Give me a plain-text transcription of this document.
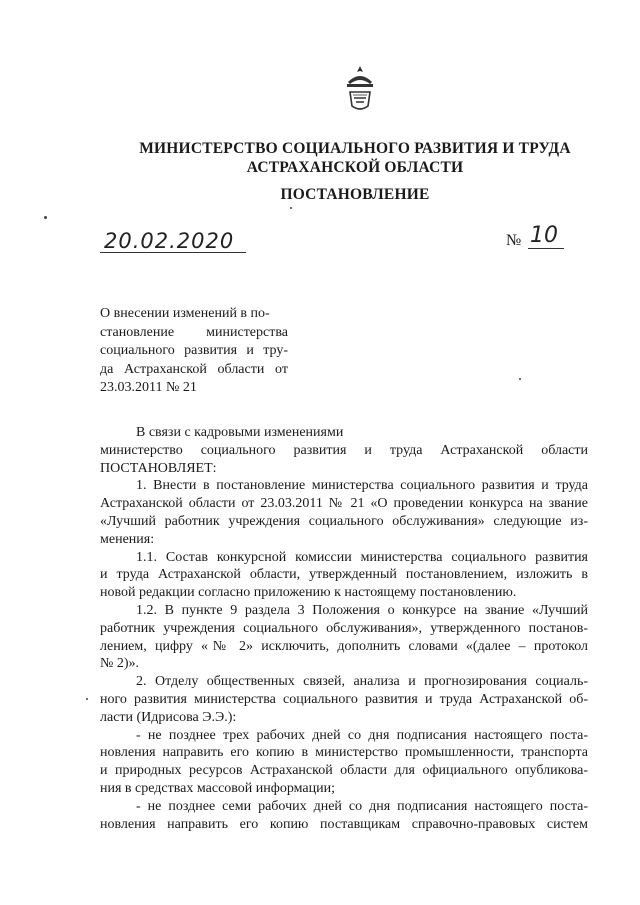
МИНИСТЕРСТВО СОЦИАЛЬНОГО РАЗВИТИЯ И ТРУДА
АСТРАХАНСКОЙ ОБЛАСТИ
ПОСТАНОВЛЕНИЕ
20.02.2020	№ 10
О внесении изменений в по-
становление министерства
социального развития и тру-
да Астраханской области от
23.03.2011 № 21
В связи с кадровыми изменениями
министерство социального развития и труда Астраханской области
ПОСТАНОВЛЯЕТ:
1. Внести в постановление министерства социального развития и труда
Астраханской области от 23.03.2011 № 21 «О проведении конкурса на звание
«Лучший работник учреждения социального обслуживания» следующие из-
менения:
1.1. Состав конкурсной комиссии министерства социального развития
и труда Астраханской области, утвержденный постановлением, изложить в
новой редакции согласно приложению к настоящему постановлению.
1.2. В пункте 9 раздела 3 Положения о конкурсе на звание «Лучший
работник учреждения социального обслуживания», утвержденного постанов-
лением, цифру «№ 2» исключить, дополнить словами «(далее – протокол
№ 2)».
2. Отделу общественных связей, анализа и прогнозирования социаль-
ного развития министерства социального развития и труда Астраханской об-
ласти (Идрисова Э.Э.):
- не позднее трех рабочих дней со дня подписания настоящего поста-
новления направить его копию в министерство промышленности, транспорта
и природных ресурсов Астраханской области для официального опубликова-
ния в средствах массовой информации;
- не позднее семи рабочих дней со дня подписания настоящего поста-
новления направить его копию поставщикам справочно-правовых систем
